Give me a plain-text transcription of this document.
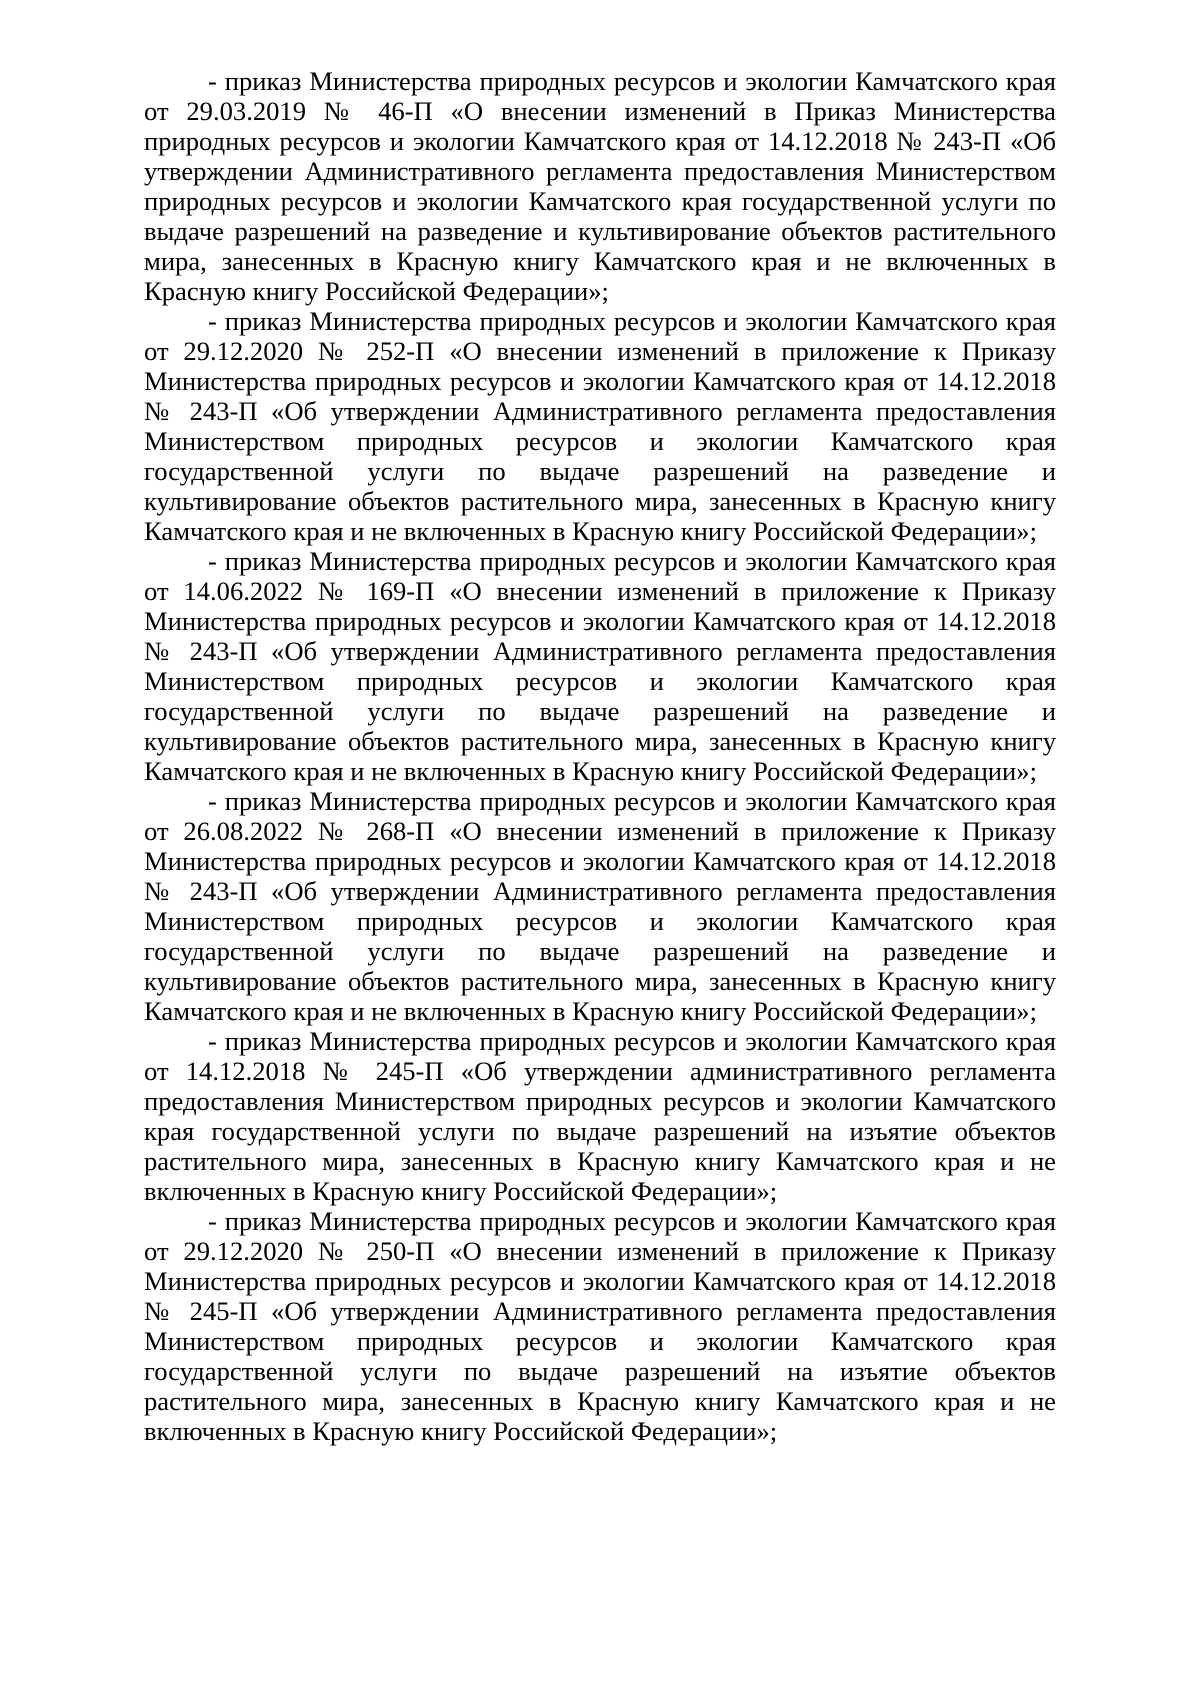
- приказ Министерства природных ресурсов и экологии Камчатского края от 29.03.2019 № 46-П «О внесении изменений в Приказ Министерства природных ресурсов и экологии Камчатского края от 14.12.2018 № 243-П «Об утверждении Административного регламента предоставления Министерством природных ресурсов и экологии Камчатского края государственной услуги по выдаче разрешений на разведение и культивирование объектов растительного мира, занесенных в Красную книгу Камчатского края и не включенных в Красную книгу Российской Федерации»;

- приказ Министерства природных ресурсов и экологии Камчатского края от 29.12.2020 № 252-П «О внесении изменений в приложение к Приказу Министерства природных ресурсов и экологии Камчатского края от 14.12.2018 № 243-П «Об утверждении Административного регламента предоставления Министерством природных ресурсов и экологии Камчатского края государственной услуги по выдаче разрешений на разведение и культивирование объектов растительного мира, занесенных в Красную книгу Камчатского края и не включенных в Красную книгу Российской Федерации»;

- приказ Министерства природных ресурсов и экологии Камчатского края от 14.06.2022 № 169-П «О внесении изменений в приложение к Приказу Министерства природных ресурсов и экологии Камчатского края от 14.12.2018 № 243-П «Об утверждении Административного регламента предоставления Министерством природных ресурсов и экологии Камчатского края государственной услуги по выдаче разрешений на разведение и культивирование объектов растительного мира, занесенных в Красную книгу Камчатского края и не включенных в Красную книгу Российской Федерации»;

- приказ Министерства природных ресурсов и экологии Камчатского края от 26.08.2022 № 268-П «О внесении изменений в приложение к Приказу Министерства природных ресурсов и экологии Камчатского края от 14.12.2018 № 243-П «Об утверждении Административного регламента предоставления Министерством природных ресурсов и экологии Камчатского края государственной услуги по выдаче разрешений на разведение и культивирование объектов растительного мира, занесенных в Красную книгу Камчатского края и не включенных в Красную книгу Российской Федерации»;

- приказ Министерства природных ресурсов и экологии Камчатского края от 14.12.2018 № 245-П «Об утверждении административного регламента предоставления Министерством природных ресурсов и экологии Камчатского края государственной услуги по выдаче разрешений на изъятие объектов растительного мира, занесенных в Красную книгу Камчатского края и не включенных в Красную книгу Российской Федерации»;

- приказ Министерства природных ресурсов и экологии Камчатского края от 29.12.2020 № 250-П «О внесении изменений в приложение к Приказу Министерства природных ресурсов и экологии Камчатского края от 14.12.2018 № 245-П «Об утверждении Административного регламента предоставления Министерством природных ресурсов и экологии Камчатского края государственной услуги по выдаче разрешений на изъятие объектов растительного мира, занесенных в Красную книгу Камчатского края и не включенных в Красную книгу Российской Федерации»;
